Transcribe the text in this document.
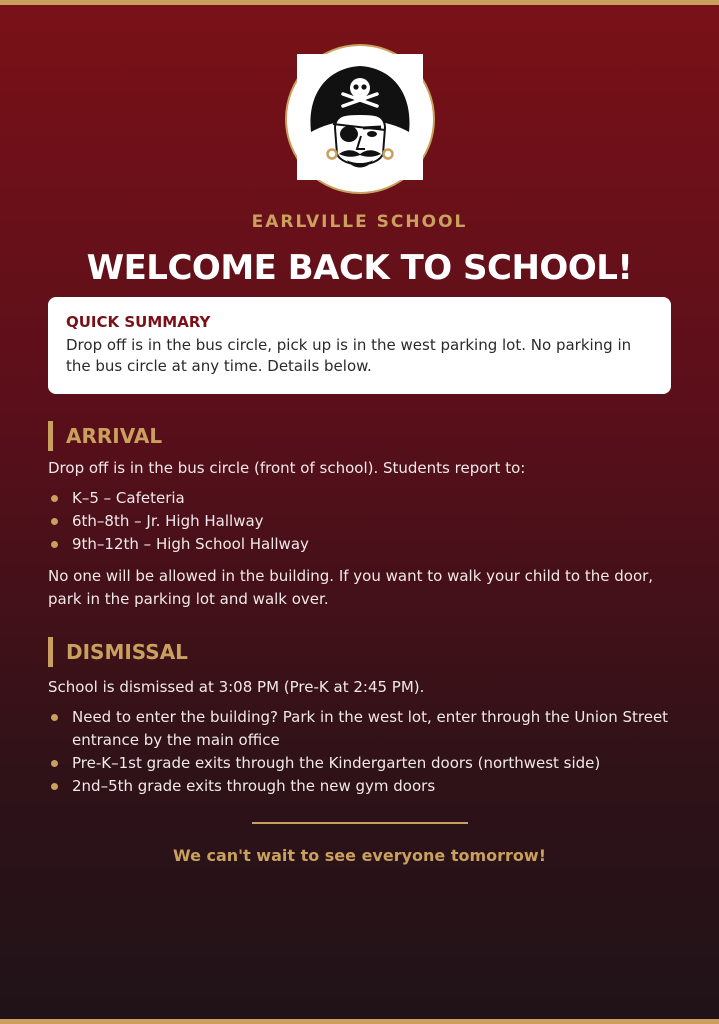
EARLVILLE SCHOOL
WELCOME BACK TO SCHOOL!
QUICK SUMMARY
Drop off is in the bus circle, pick up is in the west parking lot. No parking in the bus circle at any time. Details below.
ARRIVAL
Drop off is in the bus circle (front of school). Students report to:
K–5 – Cafeteria
6th–8th – Jr. High Hallway
9th–12th – High School Hallway
No one will be allowed in the building. If you want to walk your child to the door, park in the parking lot and walk over.
DISMISSAL
School is dismissed at 3:08 PM (Pre-K at 2:45 PM).
Need to enter the building? Park in the west lot, enter through the Union Street entrance by the main office
Pre-K–1st grade exits through the Kindergarten doors (northwest side)
2nd–5th grade exits through the new gym doors
We can't wait to see everyone tomorrow!
